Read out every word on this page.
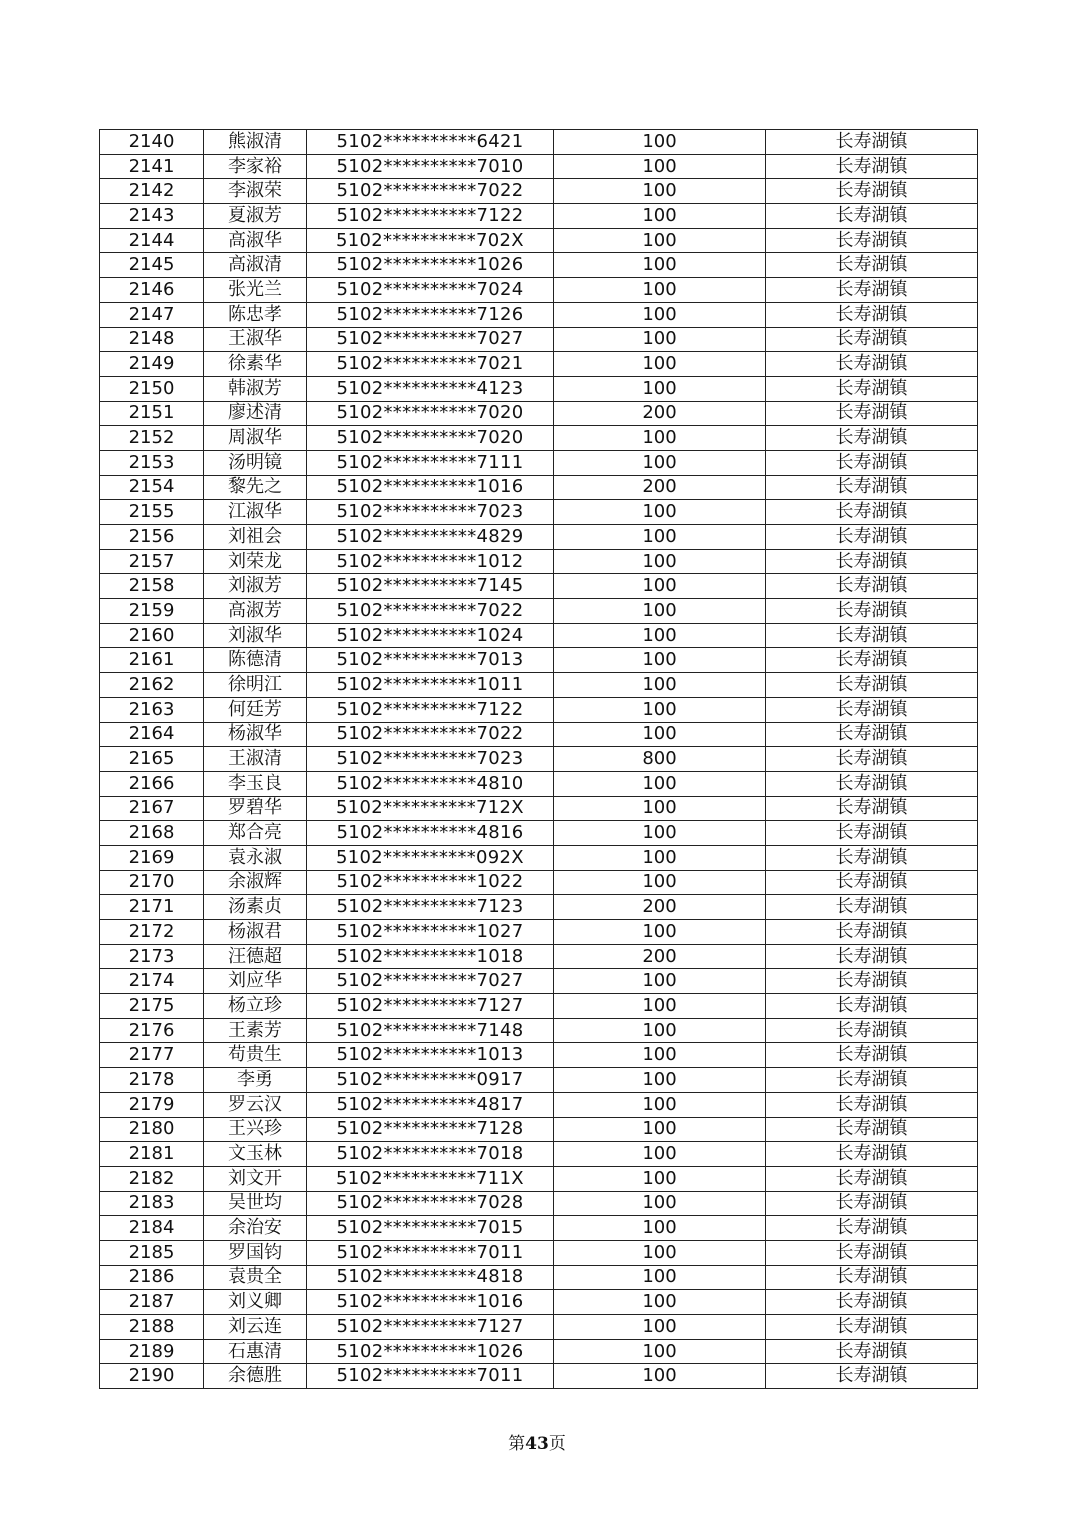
2140	熊淑清	5102**********6421	100	长寿湖镇
2141	李家裕	5102**********7010	100	长寿湖镇
2142	李淑荣	5102**********7022	100	长寿湖镇
2143	夏淑芳	5102**********7122	100	长寿湖镇
2144	高淑华	5102**********702X	100	长寿湖镇
2145	高淑清	5102**********1026	100	长寿湖镇
2146	张光兰	5102**********7024	100	长寿湖镇
2147	陈忠孝	5102**********7126	100	长寿湖镇
2148	王淑华	5102**********7027	100	长寿湖镇
2149	徐素华	5102**********7021	100	长寿湖镇
2150	韩淑芳	5102**********4123	100	长寿湖镇
2151	廖述清	5102**********7020	200	长寿湖镇
2152	周淑华	5102**********7020	100	长寿湖镇
2153	汤明镜	5102**********7111	100	长寿湖镇
2154	黎先之	5102**********1016	200	长寿湖镇
2155	江淑华	5102**********7023	100	长寿湖镇
2156	刘祖会	5102**********4829	100	长寿湖镇
2157	刘荣龙	5102**********1012	100	长寿湖镇
2158	刘淑芳	5102**********7145	100	长寿湖镇
2159	高淑芳	5102**********7022	100	长寿湖镇
2160	刘淑华	5102**********1024	100	长寿湖镇
2161	陈德清	5102**********7013	100	长寿湖镇
2162	徐明江	5102**********1011	100	长寿湖镇
2163	何廷芳	5102**********7122	100	长寿湖镇
2164	杨淑华	5102**********7022	100	长寿湖镇
2165	王淑清	5102**********7023	800	长寿湖镇
2166	李玉良	5102**********4810	100	长寿湖镇
2167	罗碧华	5102**********712X	100	长寿湖镇
2168	郑合亮	5102**********4816	100	长寿湖镇
2169	袁永淑	5102**********092X	100	长寿湖镇
2170	余淑辉	5102**********1022	100	长寿湖镇
2171	汤素贞	5102**********7123	200	长寿湖镇
2172	杨淑君	5102**********1027	100	长寿湖镇
2173	汪德超	5102**********1018	200	长寿湖镇
2174	刘应华	5102**********7027	100	长寿湖镇
2175	杨立珍	5102**********7127	100	长寿湖镇
2176	王素芳	5102**********7148	100	长寿湖镇
2177	苟贵生	5102**********1013	100	长寿湖镇
2178	李勇	5102**********0917	100	长寿湖镇
2179	罗云汉	5102**********4817	100	长寿湖镇
2180	王兴珍	5102**********7128	100	长寿湖镇
2181	文玉林	5102**********7018	100	长寿湖镇
2182	刘文开	5102**********711X	100	长寿湖镇
2183	吴世均	5102**********7028	100	长寿湖镇
2184	余治安	5102**********7015	100	长寿湖镇
2185	罗国钧	5102**********7011	100	长寿湖镇
2186	袁贵全	5102**********4818	100	长寿湖镇
2187	刘义卿	5102**********1016	100	长寿湖镇
2188	刘云连	5102**********7127	100	长寿湖镇
2189	石惠清	5102**********1026	100	长寿湖镇
2190	余德胜	5102**********7011	100	长寿湖镇
第43页
